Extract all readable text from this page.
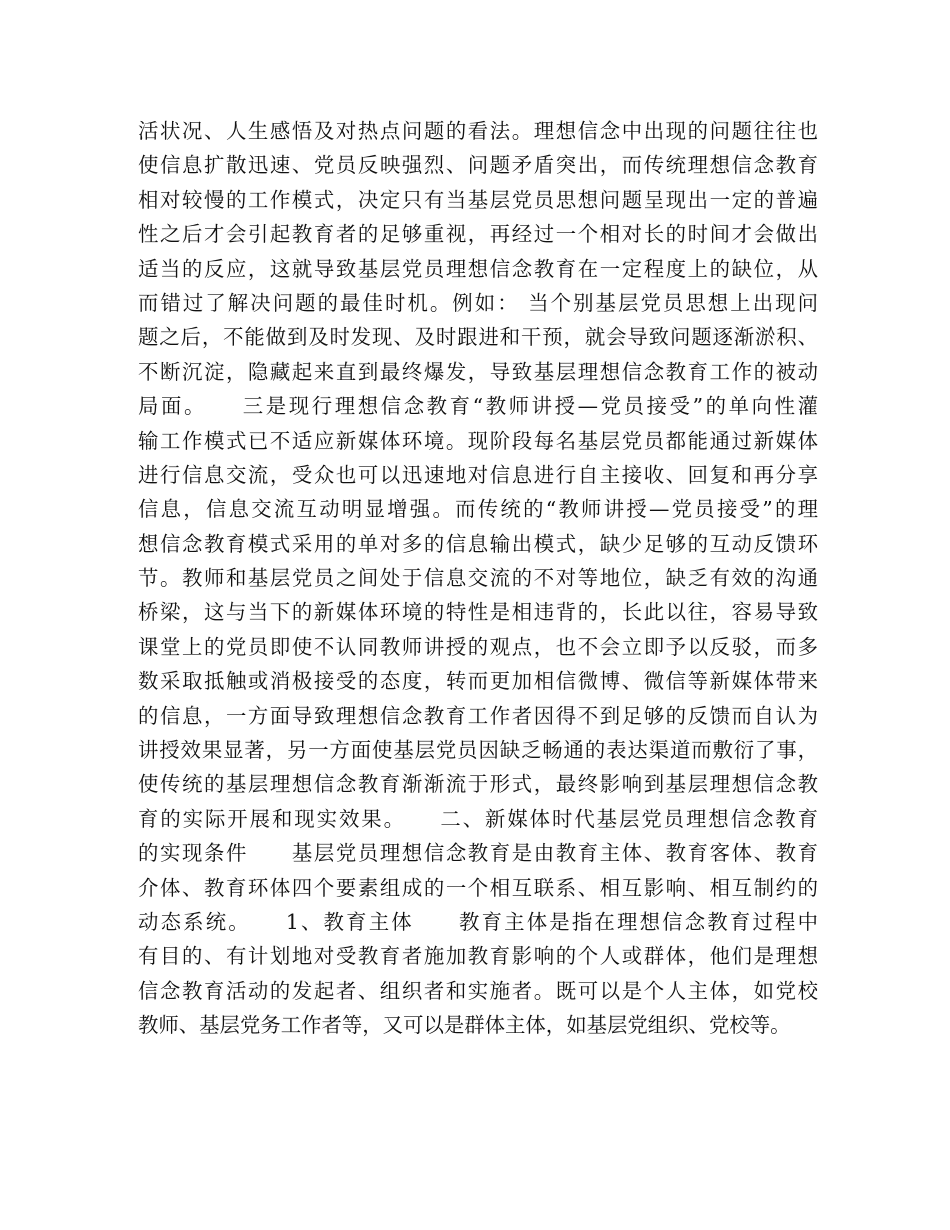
活状况、人生感悟及对热点问题的看法。理想信念中出现的问题往往也
使信息扩散迅速、党员反映强烈、问题矛盾突出，而传统理想信念教育
相对较慢的工作模式，决定只有当基层党员思想问题呈现出一定的普遍
性之后才会引起教育者的足够重视，再经过一个相对长的时间才会做出
适当的反应，这就导致基层党员理想信念教育在一定程度上的缺位，从
而错过了解决问题的最佳时机。例如： 当个别基层党员思想上出现问
题之后，不能做到及时发现、及时跟进和干预，就会导致问题逐渐淤积、
不断沉淀，隐藏起来直到最终爆发，导致基层理想信念教育工作的被动
局面。　　三是现行理想信念教育“教师讲授—党员接受”的单向性灌
输工作模式已不适应新媒体环境。现阶段每名基层党员都能通过新媒体
进行信息交流，受众也可以迅速地对信息进行自主接收、回复和再分享
信息，信息交流互动明显增强。而传统的“教师讲授—党员接受”的理
想信念教育模式采用的单对多的信息输出模式，缺少足够的互动反馈环
节。教师和基层党员之间处于信息交流的不对等地位，缺乏有效的沟通
桥梁，这与当下的新媒体环境的特性是相违背的，长此以往，容易导致
课堂上的党员即使不认同教师讲授的观点，也不会立即予以反驳，而多
数采取抵触或消极接受的态度，转而更加相信微博、微信等新媒体带来
的信息，一方面导致理想信念教育工作者因得不到足够的反馈而自认为
讲授效果显著，另一方面使基层党员因缺乏畅通的表达渠道而敷衍了事，
使传统的基层理想信念教育渐渐流于形式，最终影响到基层理想信念教
育的实际开展和现实效果。　　二、新媒体时代基层党员理想信念教育
的实现条件　　基层党员理想信念教育是由教育主体、教育客体、教育
介体、教育环体四个要素组成的一个相互联系、相互影响、相互制约的
动态系统。　　1、教育主体　　教育主体是指在理想信念教育过程中
有目的、有计划地对受教育者施加教育影响的个人或群体，他们是理想
信念教育活动的发起者、组织者和实施者。既可以是个人主体，如党校
教师、基层党务工作者等，又可以是群体主体，如基层党组织、党校等。
